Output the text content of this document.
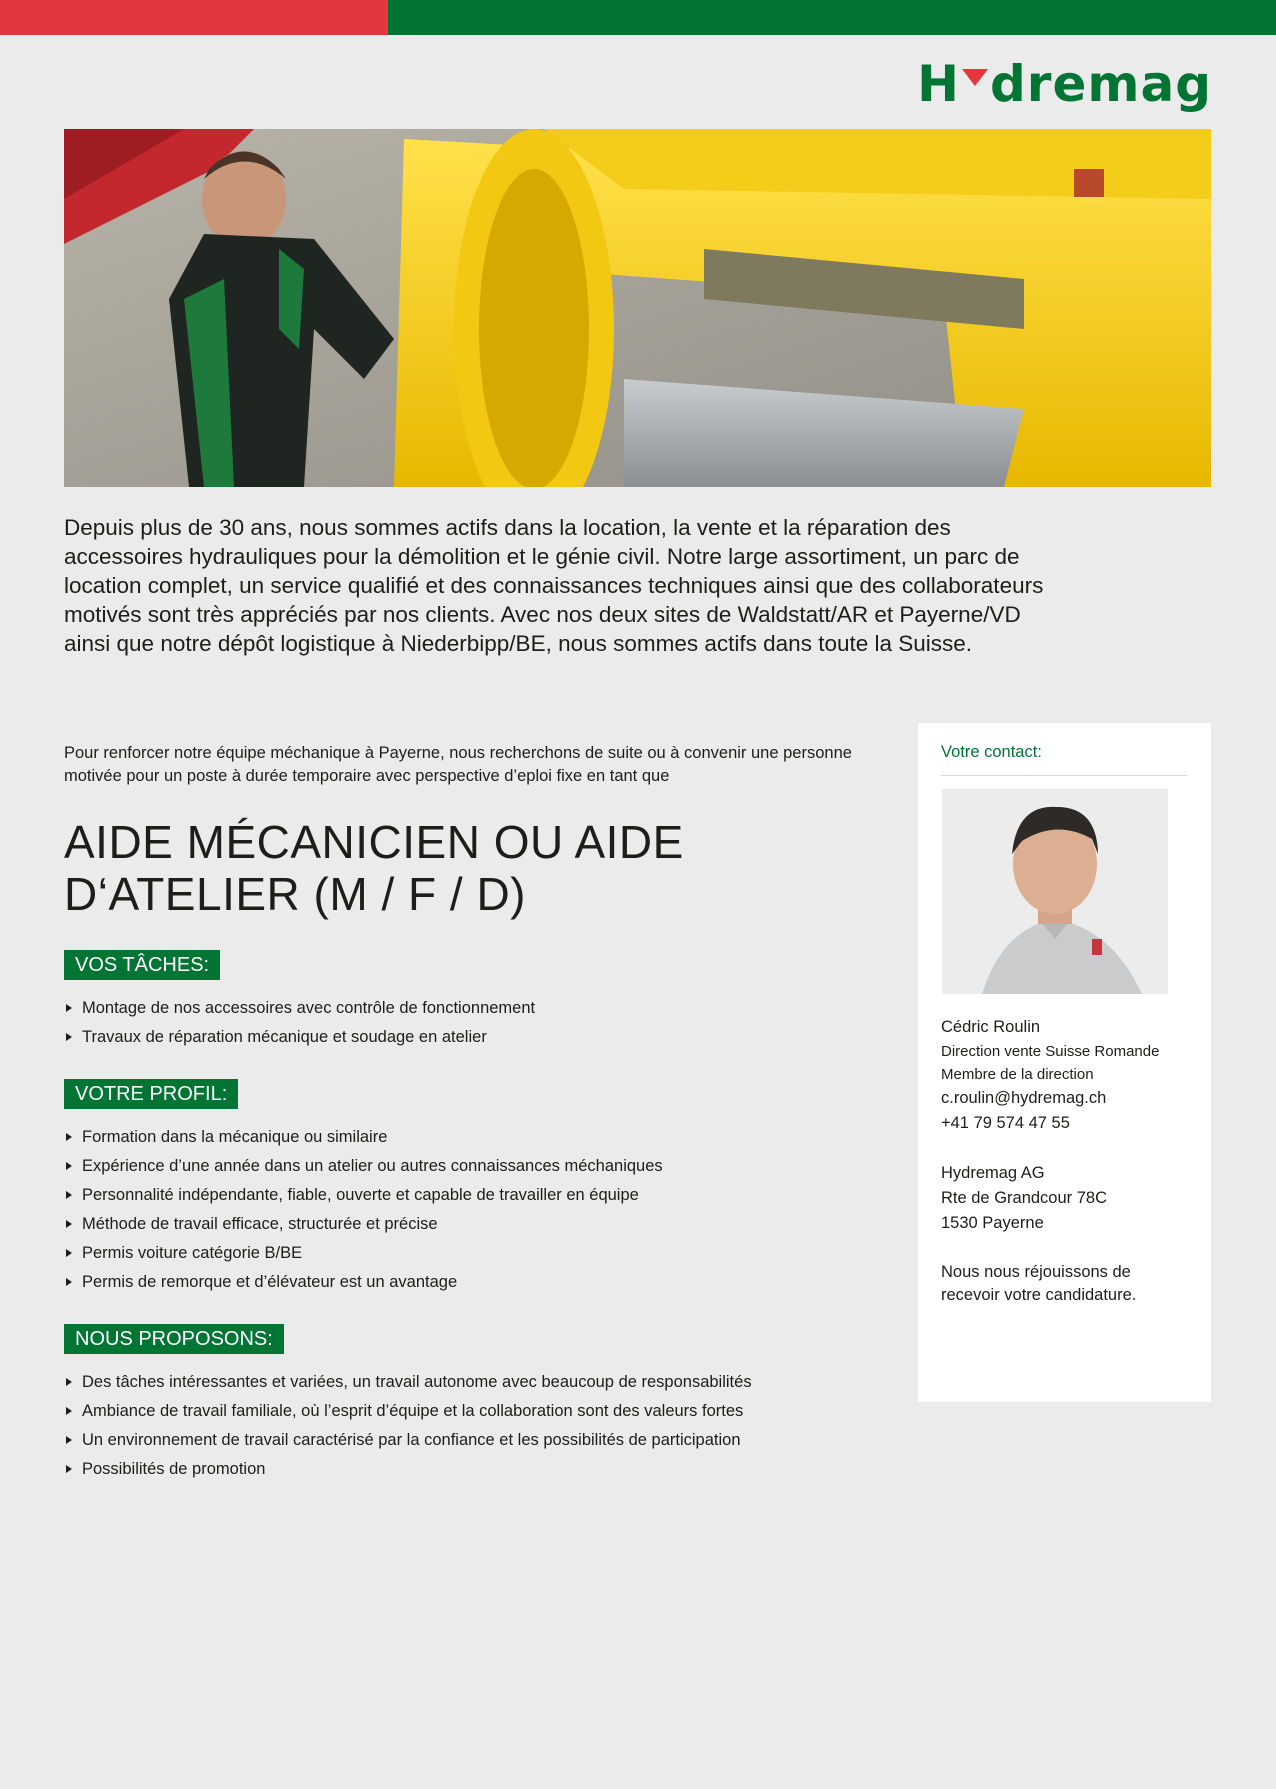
H dremag

Depuis plus de 30 ans, nous sommes actifs dans la location, la vente et la réparation des accessoires hydrauliques pour la démolition et le génie civil. Notre large assortiment, un parc de location complet, un service qualifié et des connaissances techniques ainsi que des collaborateurs motivés sont très appréciés par nos clients. Avec nos deux sites de Waldstatt/AR et Payerne/VD ainsi que notre dépôt logistique à Niederbipp/BE, nous sommes actifs dans toute la Suisse.

Pour renforcer notre équipe méchanique à Payerne, nous recherchons de suite ou à convenir une personne motivée pour un poste à durée temporaire avec perspective d’eploi fixe en tant que

AIDE MÉCANICIEN OU AIDE
D‘ATELIER (M / F / D)
VOS TÂCHES:
Montage de nos accessoires avec contrôle de fonctionnement
Travaux de réparation mécanique et soudage en atelier
VOTRE PROFIL:
Formation dans la mécanique ou similaire
Expérience d’une année dans un atelier ou autres connaissances méchaniques
Personnalité indépendante, fiable, ouverte et capable de travailler en équipe
Méthode de travail efficace, structurée et précise
Permis voiture catégorie B/BE
Permis de remorque et d’élévateur est un avantage
NOUS PROPOSONS:
Des tâches intéressantes et variées, un travail autonome avec beaucoup de responsabilités
Ambiance de travail familiale, où l’esprit d’équipe et la collaboration sont des valeurs fortes
Un environnement de travail caractérisé par la confiance et les possibilités de participation
Possibilités de promotion
Votre contact:
Cédric Roulin
Direction vente Suisse Romande
Membre de la direction
c.roulin@hydremag.ch
+41 79 574 47 55
Hydremag AG
Rte de Grandcour 78C
1530 Payerne
Nous nous réjouissons de
recevoir votre candidature.
